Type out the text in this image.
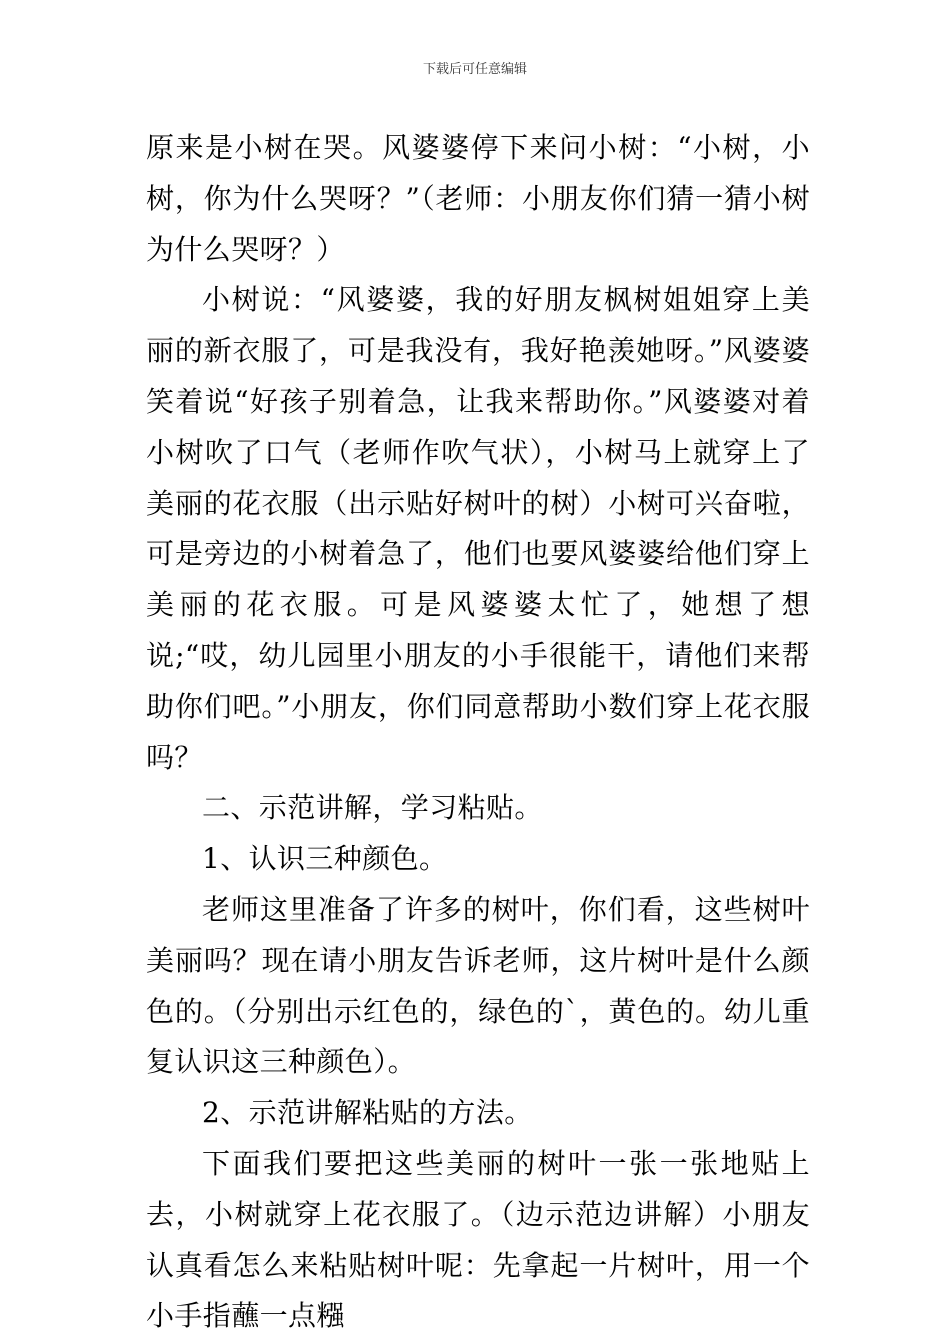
下载后可任意编辑

原来是小树在哭。风婆婆停下来问小树：“小树，小树，你为什么哭呀？”（老师：小朋友你们猜一猜小树为什么哭呀？）

小树说：“风婆婆，我的好朋友枫树姐姐穿上美丽的新衣服了，可是我没有，我好艳羡她呀。”风婆婆笑着说“好孩子别着急，让我来帮助你。”风婆婆对着小树吹了口气（老师作吹气状），小树马上就穿上了美丽的花衣服（出示贴好树叶的树）小树可兴奋啦，可是旁边的小树着急了，他们也要风婆婆给他们穿上美丽的花衣服。可是风婆婆太忙了，她想了想说;“哎，幼儿园里小朋友的小手很能干，请他们来帮助你们吧。”小朋友，你们同意帮助小数们穿上花衣服吗？

二、示范讲解，学习粘贴。

1、认识三种颜色。

老师这里准备了许多的树叶，你们看，这些树叶美丽吗？现在请小朋友告诉老师，这片树叶是什么颜色的。（分别出示红色的，绿色的`，黄色的。幼儿重复认识这三种颜色）。

2、示范讲解粘贴的方法。

下面我们要把这些美丽的树叶一张一张地贴上去，小树就穿上花衣服了。（边示范边讲解）小朋友认真看怎么来粘贴树叶呢：先拿起一片树叶，用一个小手指蘸一点糨
